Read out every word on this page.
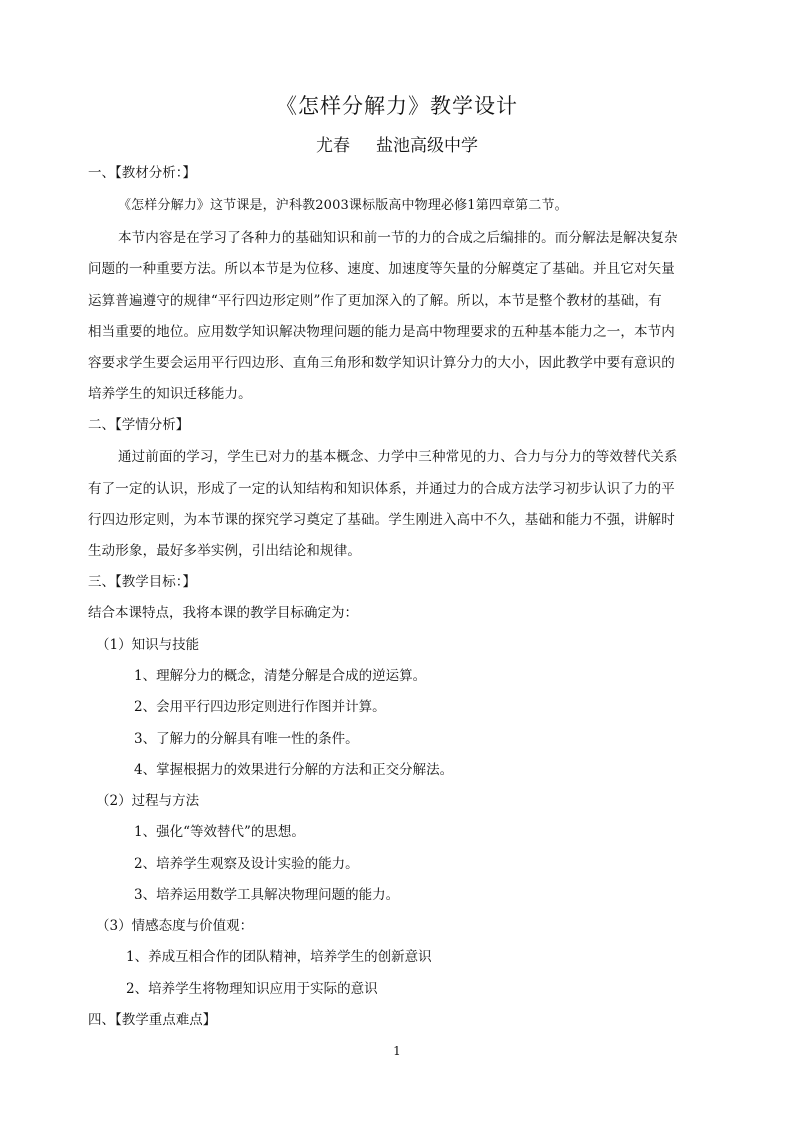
《怎样分解力》教学设计
尤春 盐池高级中学
一、【教材分析：】
《怎样分解力》这节课是，沪科教2003课标版高中物理必修1第四章第二节。
本节内容是在学习了各种力的基础知识和前一节的力的合成之后编排的。而分解法是解决复杂
问题的一种重要方法。所以本节是为位移、速度、加速度等矢量的分解奠定了基础。并且它对矢量
运算普遍遵守的规律“平行四边形定则”作了更加深入的了解。所以，本节是整个教材的基础，有
相当重要的地位。应用数学知识解决物理问题的能力是高中物理要求的五种基本能力之一，本节内
容要求学生要会运用平行四边形、直角三角形和数学知识计算分力的大小，因此教学中要有意识的
培养学生的知识迁移能力。
二、【学情分析】
通过前面的学习，学生已对力的基本概念、力学中三种常见的力、合力与分力的等效替代关系
有了一定的认识，形成了一定的认知结构和知识体系，并通过力的合成方法学习初步认识了力的平
行四边形定则，为本节课的探究学习奠定了基础。学生刚进入高中不久，基础和能力不强，讲解时
生动形象，最好多举实例，引出结论和规律。
三、【教学目标：】
结合本课特点，我将本课的教学目标确定为：
（1）知识与技能
1、理解分力的概念，清楚分解是合成的逆运算。
2、会用平行四边形定则进行作图并计算。
3、了解力的分解具有唯一性的条件。
4、掌握根据力的效果进行分解的方法和正交分解法。
（2）过程与方法
1、强化“等效替代”的思想。
2、培养学生观察及设计实验的能力。
3、培养运用数学工具解决物理问题的能力。
（3）情感态度与价值观：
1、养成互相合作的团队精神，培养学生的创新意识
2、培养学生将物理知识应用于实际的意识
四、【教学重点难点】
1
